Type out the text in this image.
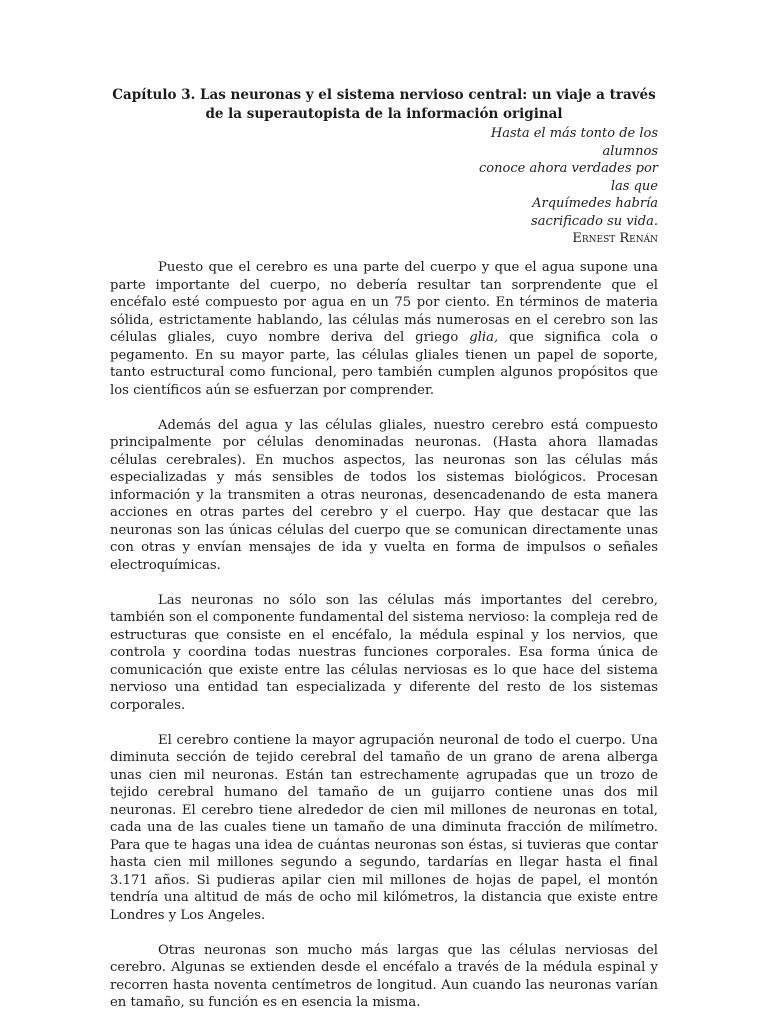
Capítulo 3. Las neuronas y el sistema nervioso central: un viaje a través de la superautopista de la información original
Hasta el más tonto de los
alumnos
conoce ahora verdades por
las que
Arquímedes habría
sacrificado su vida.
Ernest Renán

Puesto que el cerebro es una parte del cuerpo y que el agua supone una parte importante del cuerpo, no debería resultar tan sorprendente que el encéfalo esté compuesto por agua en un 75 por ciento. En términos de materia sólida, estrictamente hablando, las células más numerosas en el cerebro son las células gliales, cuyo nombre deriva del griego glia, que significa cola o pegamento. En su mayor parte, las células gliales tienen un papel de soporte, tanto estructural como funcional, pero también cumplen algunos propósitos que los científicos aún se esfuerzan por comprender.

Además del agua y las células gliales, nuestro cerebro está compuesto principalmente por células denominadas neuronas. (Hasta ahora llamadas células cerebrales). En muchos aspectos, las neuronas son las células más especializadas y más sensibles de todos los sistemas biológicos. Procesan información y la transmiten a otras neuronas, desencadenando de esta manera acciones en otras partes del cerebro y el cuerpo. Hay que destacar que las neuronas son las únicas células del cuerpo que se comunican directamente unas con otras y envían mensajes de ida y vuelta en forma de impulsos o señales electroquímicas.

Las neuronas no sólo son las células más importantes del cerebro, también son el componente fundamental del sistema nervioso: la compleja red de estructuras que consiste en el encéfalo, la médula espinal y los nervios, que controla y coordina todas nuestras funciones corporales. Esa forma única de comunicación que existe entre las células nerviosas es lo que hace del sistema nervioso una entidad tan especializada y diferente del resto de los sistemas corporales.

El cerebro contiene la mayor agrupación neuronal de todo el cuerpo. Una diminuta sección de tejido cerebral del tamaño de un grano de arena alberga unas cien mil neuronas. Están tan estrechamente agrupadas que un trozo de tejido cerebral humano del tamaño de un guijarro contiene unas dos mil neuronas. El cerebro tiene alrededor de cien mil millones de neuronas en total, cada una de las cuales tiene un tamaño de una diminuta fracción de milímetro. Para que te hagas una idea de cuántas neuronas son éstas, si tuvieras que contar hasta cien mil millones segundo a segundo, tardarías en llegar hasta el final 3.171 años. Si pudieras apilar cien mil millones de hojas de papel, el montón tendría una altitud de más de ocho mil kilómetros, la distancia que existe entre Londres y Los Angeles.

Otras neuronas son mucho más largas que las células nerviosas del cerebro. Algunas se extienden desde el encéfalo a través de la médula espinal y recorren hasta noventa centímetros de longitud. Aun cuando las neuronas varían en tamaño, su función es en esencia la misma.
